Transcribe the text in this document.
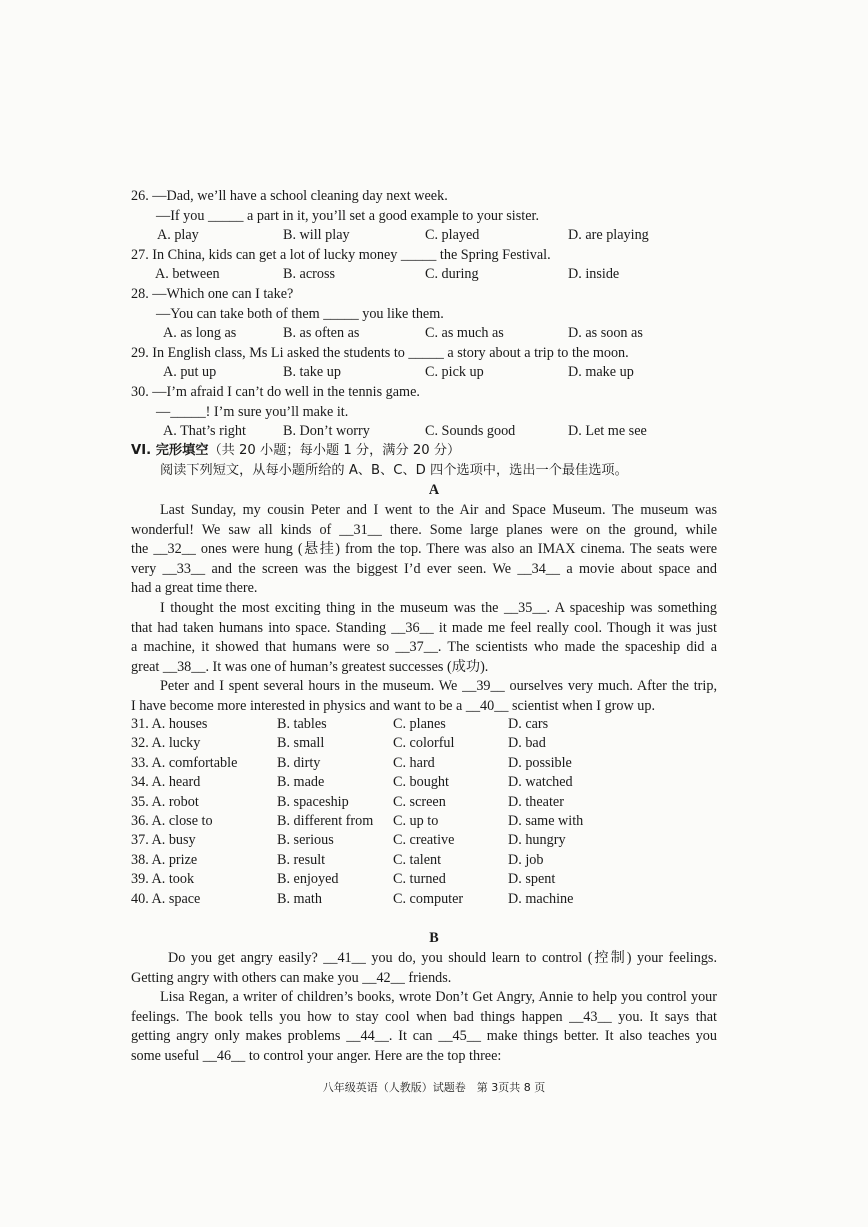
26. —Dad, we’ll have a school cleaning day next week.
—If you _____ a part in it, you’ll set a good example to your sister.
A. play	B. will play	C. played	D. are playing
27. In China, kids can get a lot of lucky money _____ the Spring Festival.
A. between	B. across	C. during	D. inside
28. —Which one can I take?
—You can take both of them _____ you like them.
A. as long as	B. as often as	C. as much as	D. as soon as
29. In English class, Ms Li asked the students to _____ a story about a trip to the moon.
A. put up	B. take up	C. pick up	D. make up
30. —I’m afraid I can’t do well in the tennis game.
—_____! I’m sure you’ll make it.
A. That’s right	B. Don’t worry	C. Sounds good	D. Let me see
VI. 完形填空（共 20 小题；每小题 1 分，满分 20 分）
阅读下列短文，从每小题所给的 A、B、C、D 四个选项中，选出一个最佳选项。
A
Last Sunday, my cousin Peter and I went to the Air and Space Museum. The museum was
wonderful! We saw all kinds of __31__ there. Some large planes were on the ground, while
the __32__ ones were hung (悬挂) from the top. There was also an IMAX cinema. The seats were
very __33__ and the screen was the biggest I’d ever seen. We __34__ a movie about space and
had a great time there.
I thought the most exciting thing in the museum was the __35__. A spaceship was something
that had taken humans into space. Standing __36__ it made me feel really cool. Though it was just
a machine, it showed that humans were so __37__. The scientists who made the spaceship did a
great __38__. It was one of human’s greatest successes (成功).
Peter and I spent several hours in the museum. We __39__ ourselves very much. After the trip,
I have become more interested in physics and want to be a __40__ scientist when I grow up.
31. A. houses	B. tables	C. planes	D. cars
32. A. lucky	B. small	C. colorful	D. bad
33. A. comfortable	B. dirty	C. hard	D. possible
34. A. heard	B. made	C. bought	D. watched
35. A. robot	B. spaceship	C. screen	D. theater
36. A. close to	B. different from C. up to	D. same with
37. A. busy	B. serious	C. creative	D. hungry
38. A. prize	B. result	C. talent	D. job
39. A. took	B. enjoyed	C. turned	D. spent
40. A. space	B. math	C. computer	D. machine
B
Do you get angry easily? __41__ you do, you should learn to control (控制) your feelings.
Getting angry with others can make you __42__ friends.
Lisa Regan, a writer of children’s books, wrote Don’t Get Angry, Annie to help you control your
feelings. The book tells you how to stay cool when bad things happen __43__ you. It says that
getting angry only makes problems __44__. It can __45__ make things better. It also teaches you
some useful __46__ to control your anger. Here are the top three:
八年级英语（人教版）试题卷　第 3页共 8 页
